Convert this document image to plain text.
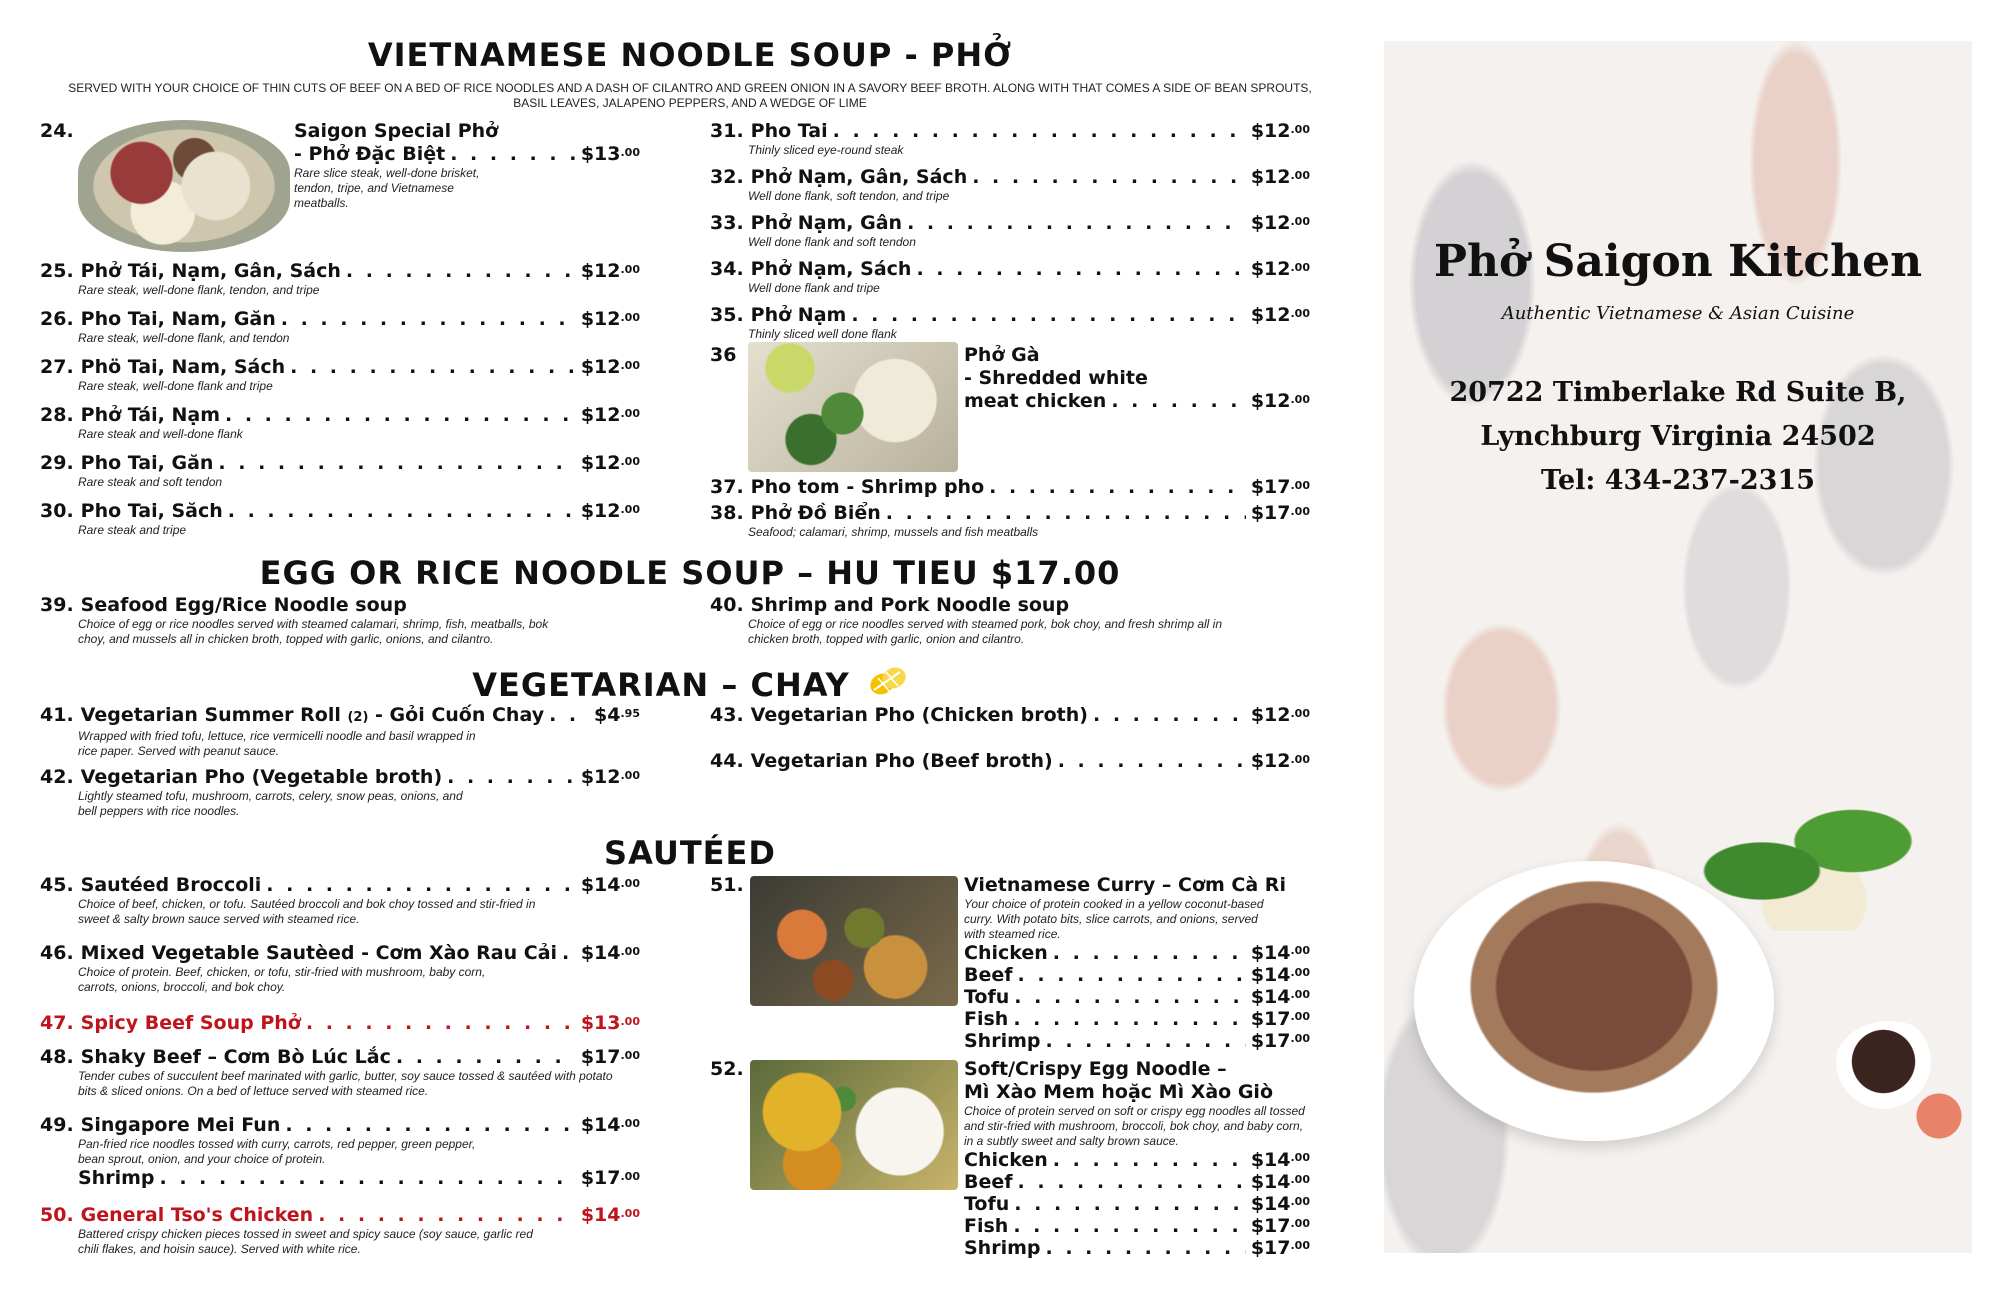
VIETNAMESE NOODLE SOUP - PHỞ
SERVED WITH YOUR CHOICE OF THIN CUTS OF BEEF ON A BED OF RICE NOODLES AND A DASH OF CILANTRO AND GREEN ONION IN A SAVORY BEEF BROTH. ALONG WITH THAT COMES A SIDE OF BEAN SPROUTS, BASIL LEAVES, JALAPENO PEPPERS, AND A WEDGE OF LIME
24.	Saigon Special Phở
- Phở Đặc Biệt . . .	$\$13^{.00}$
Rare slice steak, well-done brisket, tendon, tripe, and Vietnamese meatballs.
25. Phở Tái, Nạm, Gân, Sách . . .	$\$12^{.00}$
Rare steak, well-done flank, tendon, and tripe
26. Pho Tai, Nam, Găn . . .	$\$12^{.00}$
Rare steak, well-done flank, and tendon
27. Phö Tai, Nam, Sách . . .	$\$12^{.00}$
Rare steak, well-done flank and tripe
28. Phở Tái, Nạm . . .	$\$12^{.00}$
Rare steak and well-done flank
29. Pho Tai, Găn . . .	$\$12^{.00}$
Rare steak and soft tendon
30. Pho Tai, Săch . . .	$\$12^{.00}$
Rare steak and tripe
31. Pho Tai . . .	$\$12^{.00}$
Thinly sliced eye-round steak
32. Phở Nạm, Gân, Sách . . .	$\$12^{.00}$
Well done flank, soft tendon, and tripe
33. Phở Nạm, Gân . . .	$\$12^{.00}$
Well done flank and soft tendon
34. Phở Nạm, Sách . . .	$\$12^{.00}$
Well done flank and tripe
35. Phở Nạm . . .	$\$12^{.00}$
Thinly sliced well done flank
36	Phở Gà
- Shredded white
meat chicken . . .	$\$12^{.00}$
37. Pho tom - Shrimp pho . . .	$\$17^{.00}$
38. Phở Đồ Biển . . .	$\$17^{.00}$
Seafood; calamari, shrimp, mussels and fish meatballs
EGG OR RICE NOODLE SOUP – HU TIEU $17.00
39. Seafood Egg/Rice Noodle soup
Choice of egg or rice noodles served with steamed calamari, shrimp, fish, meatballs, bok choy, and mussels all in chicken broth, topped with garlic, onions, and cilantro.
40. Shrimp and Pork Noodle soup
Choice of egg or rice noodles served with steamed pork, bok choy, and fresh shrimp all in chicken broth, topped with garlic, onion and cilantro.
VEGETARIAN – CHAY
41. Vegetarian Summer Roll
(2)
- Gỏi Cuốn Chay . . .	$\$4^{.95}$
Wrapped with fried tofu, lettuce, rice vermicelli noodle and basil wrapped in rice paper. Served with peanut sauce.
42. Vegetarian Pho (Vegetable broth) . . .	$\$12^{.00}$
Lightly steamed tofu, mushroom, carrots, celery, snow peas, onions, and bell peppers with rice noodles.
43. Vegetarian Pho (Chicken broth) . . .	$\$12^{.00}$
44. Vegetarian Pho (Beef broth) . . .	$\$12^{.00}$
SAUTÉED
45. Sautéed Broccoli . . .	$\$14^{.00}$
Choice of beef, chicken, or tofu. Sautéed broccoli and bok choy tossed and stir-fried in sweet & salty brown sauce served with steamed rice.
46. Mixed Vegetable Sautèed - Cơm Xào Rau Cải . . . $\$14^{.00}$
Choice of protein. Beef, chicken, or tofu, stir-fried with mushroom, baby corn, carrots, onions, broccoli, and bok choy.
47. Spicy Beef Soup Phở . . .	$\$13^{.00}$
48. Shaky Beef – Cơm Bò Lúc Lắc . . .	$\$17^{.00}$
Tender cubes of succulent beef marinated with garlic, butter, soy sauce tossed & sautéed with potato bits & sliced onions. On a bed of lettuce served with steamed rice.
49. Singapore Mei Fun . . .	$\$14^{.00}$
Pan-fried rice noodles tossed with curry, carrots, red pepper, green pepper, bean sprout, onion, and your choice of protein.
Shrimp . . .	$\$17^{.00}$
50. General Tso's Chicken . . .	$\$14^{.00}$
Battered crispy chicken pieces tossed in sweet and spicy sauce (soy sauce, garlic red chili flakes, and hoisin sauce). Served with white rice.
51.	Vietnamese Curry – Cơm Cà Ri
Your choice of protein cooked in a yellow coconut-based curry. With potato bits, slice carrots, and onions, served with steamed rice.
Chicken . . .	$\$14^{.00}$
Beef . . .	$\$14^{.00}$
Tofu . . .	$\$14^{.00}$
Fish . . .	$\$17^{.00}$
Shrimp . . .	$\$17^{.00}$
52.	Soft/Crispy Egg Noodle –
Mì Xào Mem hoặc Mì Xào Giò
Choice of protein served on soft or crispy egg noodles all tossed and stir-fried with mushroom, broccoli, bok choy, and baby corn, in a subtly sweet and salty brown sauce.
Chicken . . .	$\$14^{.00}$
Beef . . .	$\$14^{.00}$
Tofu . . .	$\$14^{.00}$
Fish . . .	$\$17^{.00}$
Shrimp . . .	$\$17^{.00}$
Phở Saigon Kitchen
Authentic Vietnamese & Asian Cuisine
20722 Timberlake Rd Suite B,
Lynchburg Virginia 24502
Tel: 434-237-2315
